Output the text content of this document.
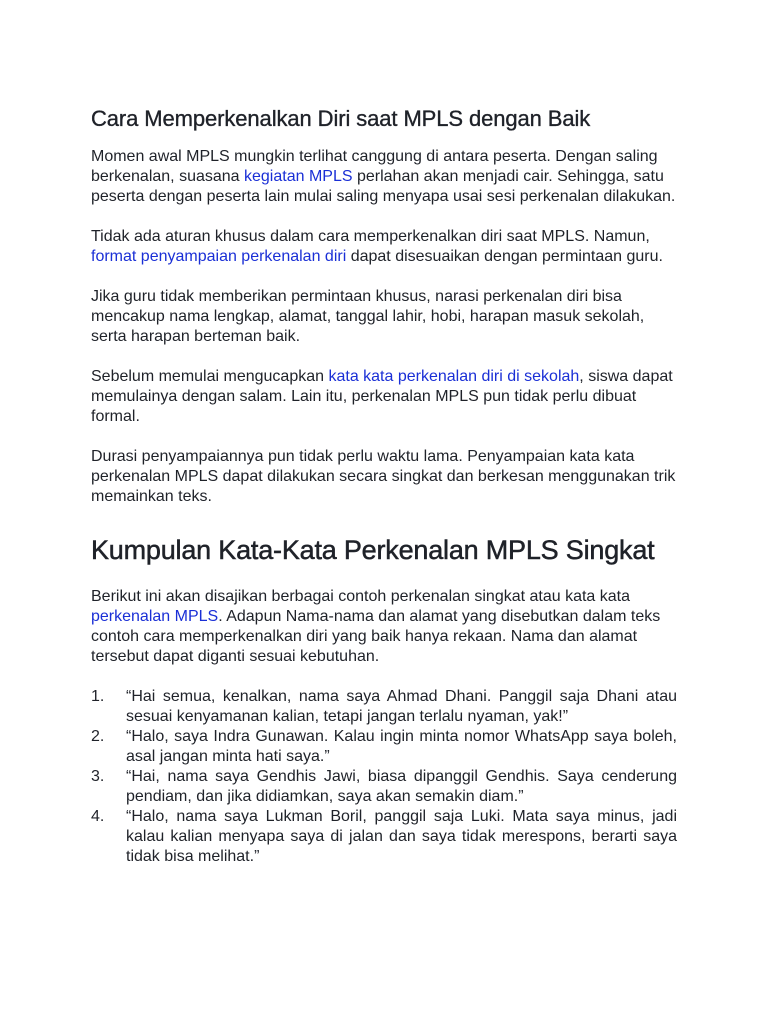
Cara Memperkenalkan Diri saat MPLS dengan Baik

Momen awal MPLS mungkin terlihat canggung di antara peserta. Dengan saling berkenalan, suasana kegiatan MPLS perlahan akan menjadi cair. Sehingga, satu peserta dengan peserta lain mulai saling menyapa usai sesi perkenalan dilakukan.

Tidak ada aturan khusus dalam cara memperkenalkan diri saat MPLS. Namun, format penyampaian perkenalan diri dapat disesuaikan dengan permintaan guru.

Jika guru tidak memberikan permintaan khusus, narasi perkenalan diri bisa mencakup nama lengkap, alamat, tanggal lahir, hobi, harapan masuk sekolah, serta harapan berteman baik.

Sebelum memulai mengucapkan kata kata perkenalan diri di sekolah, siswa dapat memulainya dengan salam. Lain itu, perkenalan MPLS pun tidak perlu dibuat formal.

Durasi penyampaiannya pun tidak perlu waktu lama. Penyampaian kata kata perkenalan MPLS dapat dilakukan secara singkat dan berkesan menggunakan trik memainkan teks.

Kumpulan Kata-Kata Perkenalan MPLS Singkat

Berikut ini akan disajikan berbagai contoh perkenalan singkat atau kata kata perkenalan MPLS. Adapun Nama-nama dan alamat yang disebutkan dalam teks contoh cara memperkenalkan diri yang baik hanya rekaan. Nama dan alamat tersebut dapat diganti sesuai kebutuhan.

1. “Hai semua, kenalkan, nama saya Ahmad Dhani. Panggil saja Dhani atau sesuai kenyamanan kalian, tetapi jangan terlalu nyaman, yak!”
2. “Halo, saya Indra Gunawan. Kalau ingin minta nomor WhatsApp saya boleh, asal jangan minta hati saya.”
3. “Hai, nama saya Gendhis Jawi, biasa dipanggil Gendhis. Saya cenderung pendiam, dan jika didiamkan, saya akan semakin diam.”
4. “Halo, nama saya Lukman Boril, panggil saja Luki. Mata saya minus, jadi kalau kalian menyapa saya di jalan dan saya tidak merespons, berarti saya tidak bisa melihat.”
